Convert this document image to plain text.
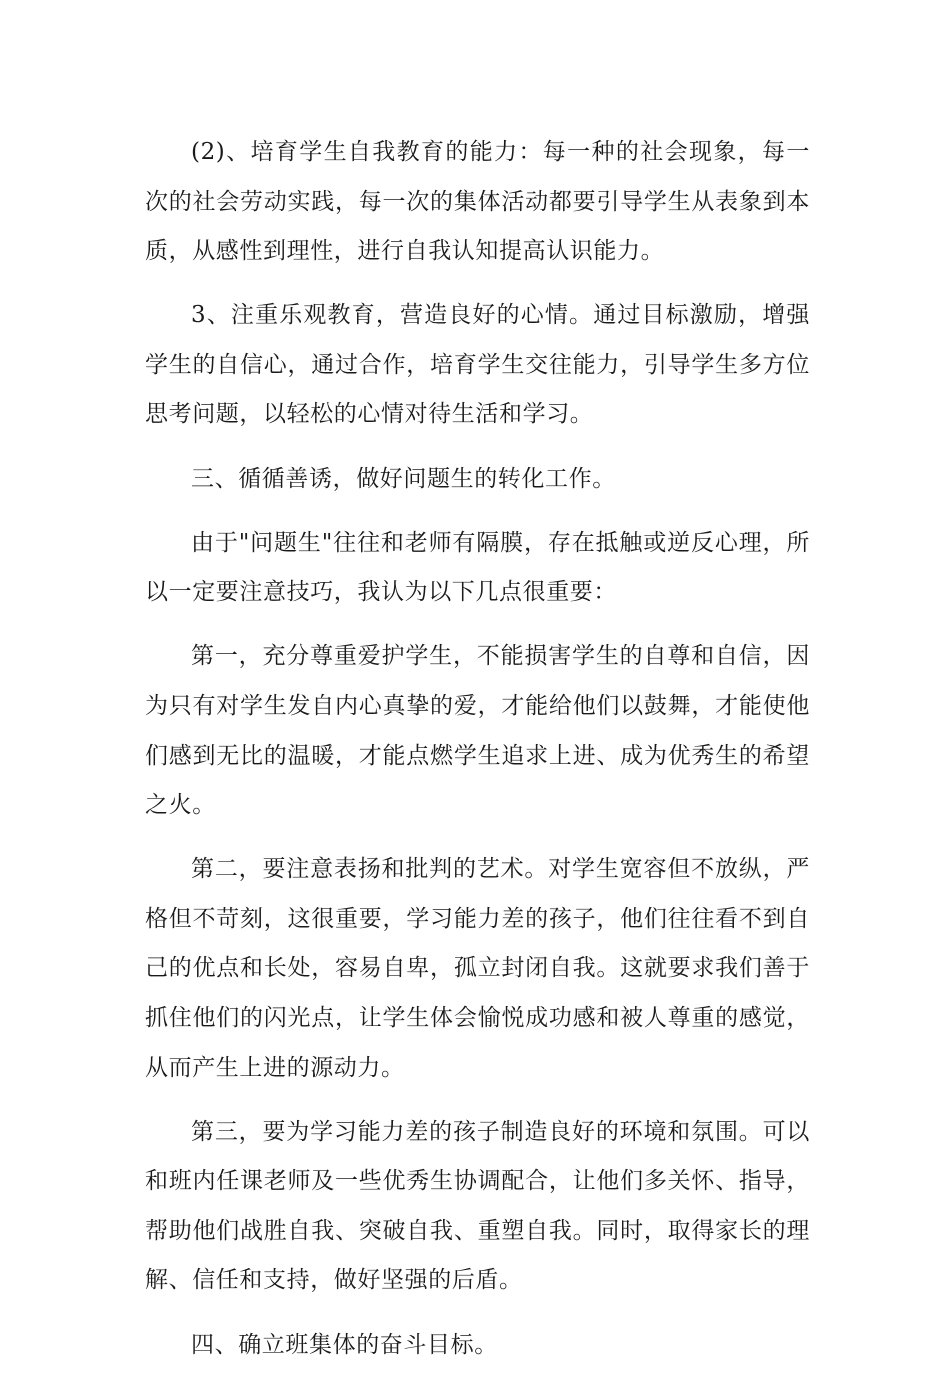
(2)、培育学生自我教育的能力：每一种的社会现象，每一次的社会劳动实践，每一次的集体活动都要引导学生从表象到本质，从感性到理性，进行自我认知提高认识能力。

3、注重乐观教育，营造良好的心情。通过目标激励，增强学生的自信心，通过合作，培育学生交往能力，引导学生多方位思考问题，以轻松的心情对待生活和学习。

三、循循善诱，做好问题生的转化工作。

由于"问题生"往往和老师有隔膜，存在抵触或逆反心理，所以一定要注意技巧，我认为以下几点很重要：

第一，充分尊重爱护学生，不能损害学生的自尊和自信，因为只有对学生发自内心真挚的爱，才能给他们以鼓舞，才能使他们感到无比的温暖，才能点燃学生追求上进、成为优秀生的希望之火。

第二，要注意表扬和批判的艺术。对学生宽容但不放纵，严格但不苛刻，这很重要，学习能力差的孩子，他们往往看不到自己的优点和长处，容易自卑，孤立封闭自我。这就要求我们善于抓住他们的闪光点，让学生体会愉悦成功感和被人尊重的感觉，从而产生上进的源动力。

第三，要为学习能力差的孩子制造良好的环境和氛围。可以和班内任课老师及一些优秀生协调配合，让他们多关怀、指导，帮助他们战胜自我、突破自我、重塑自我。同时，取得家长的理解、信任和支持，做好坚强的后盾。

四、确立班集体的奋斗目标。
